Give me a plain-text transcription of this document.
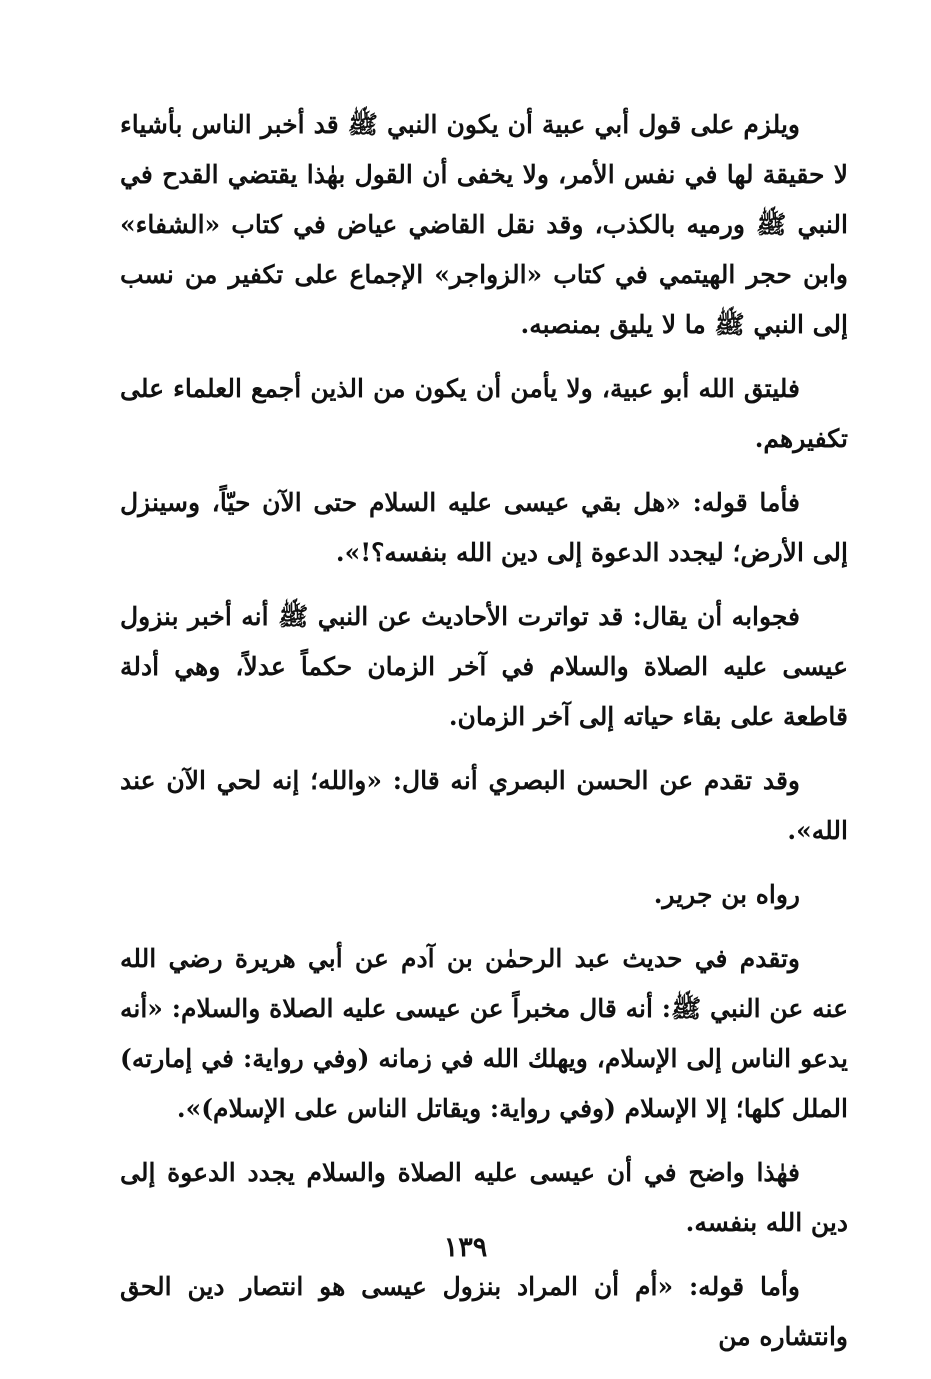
ويلزم على قول أبي عبية أن يكون النبي ﷺ قد أخبر الناس بأشياء لا حقيقة لها في نفس الأمر، ولا يخفى أن القول بهٰذا يقتضي القدح في النبي ﷺ ورميه بالكذب، وقد نقل القاضي عياض في كتاب «الشفاء» وابن حجر الهيتمي في كتاب «الزواجر» الإجماع على تكفير من نسب إلى النبي ﷺ ما لا يليق بمنصبه.

فليتق الله أبو عبية، ولا يأمن أن يكون من الذين أجمع العلماء على تكفيرهم.

فأما قوله: «هل بقي عيسى عليه السلام حتى الآن حيّاً، وسينزل إلى الأرض؛ ليجدد الدعوة إلى دين الله بنفسه؟!».

فجوابه أن يقال: قد تواترت الأحاديث عن النبي ﷺ أنه أخبر بنزول عيسى عليه الصلاة والسلام في آخر الزمان حكماً عدلاً، وهي أدلة قاطعة على بقاء حياته إلى آخر الزمان.

وقد تقدم عن الحسن البصري أنه قال: «والله؛ إنه لحي الآن عند الله».

رواه بن جرير.

وتقدم في حديث عبد الرحمٰن بن آدم عن أبي هريرة رضي الله عنه عن النبي ﷺ: أنه قال مخبراً عن عيسى عليه الصلاة والسلام: «أنه يدعو الناس إلى الإسلام، ويهلك الله في زمانه (وفي رواية: في إمارته) الملل كلها؛ إلا الإسلام (وفي رواية: ويقاتل الناس على الإسلام)».

فهٰذا واضح في أن عيسى عليه الصلاة والسلام يجدد الدعوة إلى دين الله بنفسه.

وأما قوله: «أم أن المراد بنزول عيسى هو انتصار دين الحق وانتشاره من

١٣٩
